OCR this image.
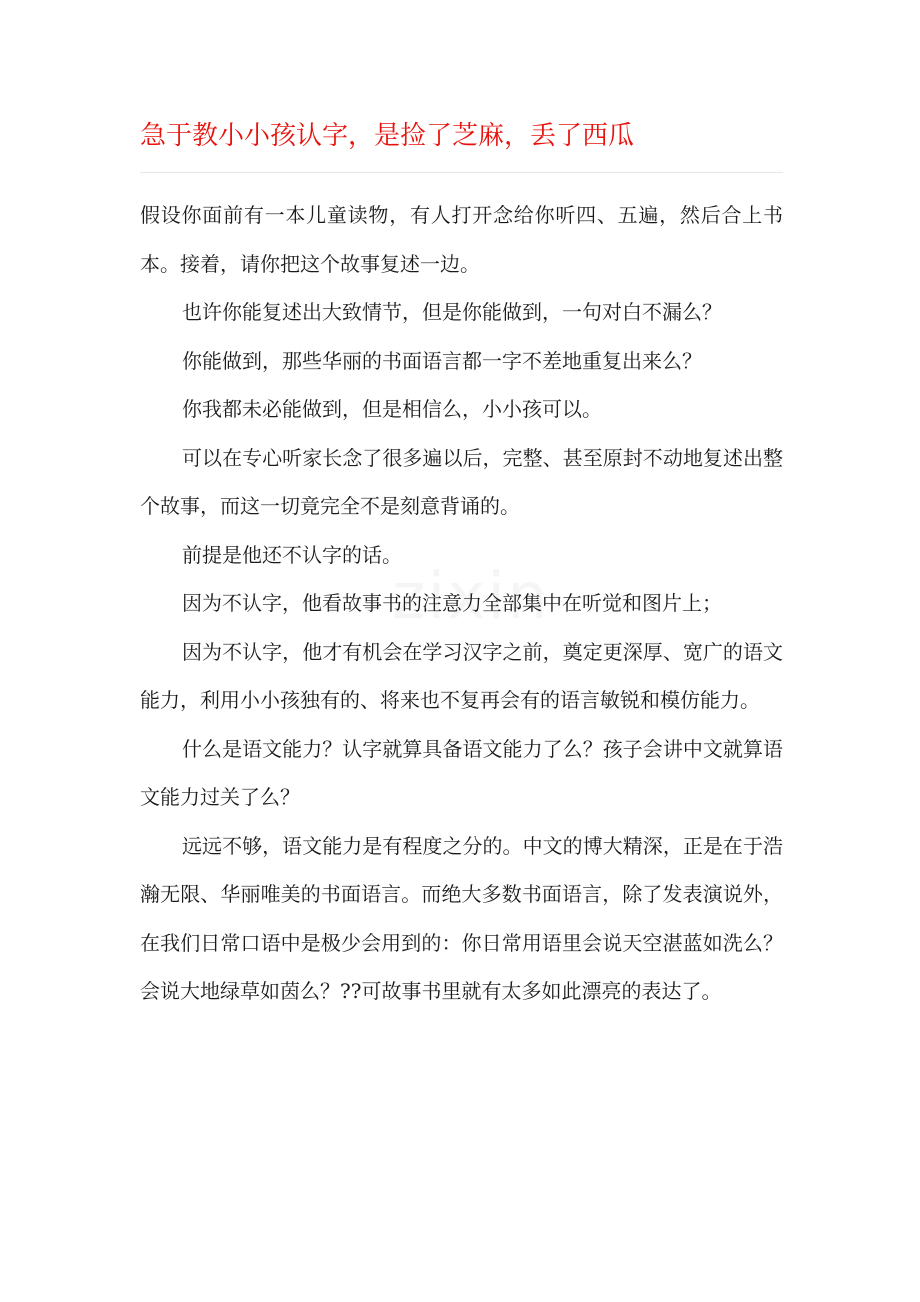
急于教小小孩认字，是捡了芝麻，丢了西瓜

假设你面前有一本儿童读物，有人打开念给你听四、五遍，然后合上书本。接着，请你把这个故事复述一边。

也许你能复述出大致情节，但是你能做到，一句对白不漏么？

你能做到，那些华丽的书面语言都一字不差地重复出来么？

你我都未必能做到，但是相信么，小小孩可以。

可以在专心听家长念了很多遍以后，完整、甚至原封不动地复述出整个故事，而这一切竟完全不是刻意背诵的。

前提是他还不认字的话。

因为不认字，他看故事书的注意力全部集中在听觉和图片上；

因为不认字，他才有机会在学习汉字之前，奠定更深厚、宽广的语文能力，利用小小孩独有的、将来也不复再会有的语言敏锐和模仿能力。

什么是语文能力？认字就算具备语文能力了么？孩子会讲中文就算语文能力过关了么？

远远不够，语文能力是有程度之分的。中文的博大精深，正是在于浩瀚无限、华丽唯美的书面语言。而绝大多数书面语言，除了发表演说外，在我们日常口语中是极少会用到的：你日常用语里会说天空湛蓝如洗么？会说大地绿草如茵么？??可故事书里就有太多如此漂亮的表达了。
